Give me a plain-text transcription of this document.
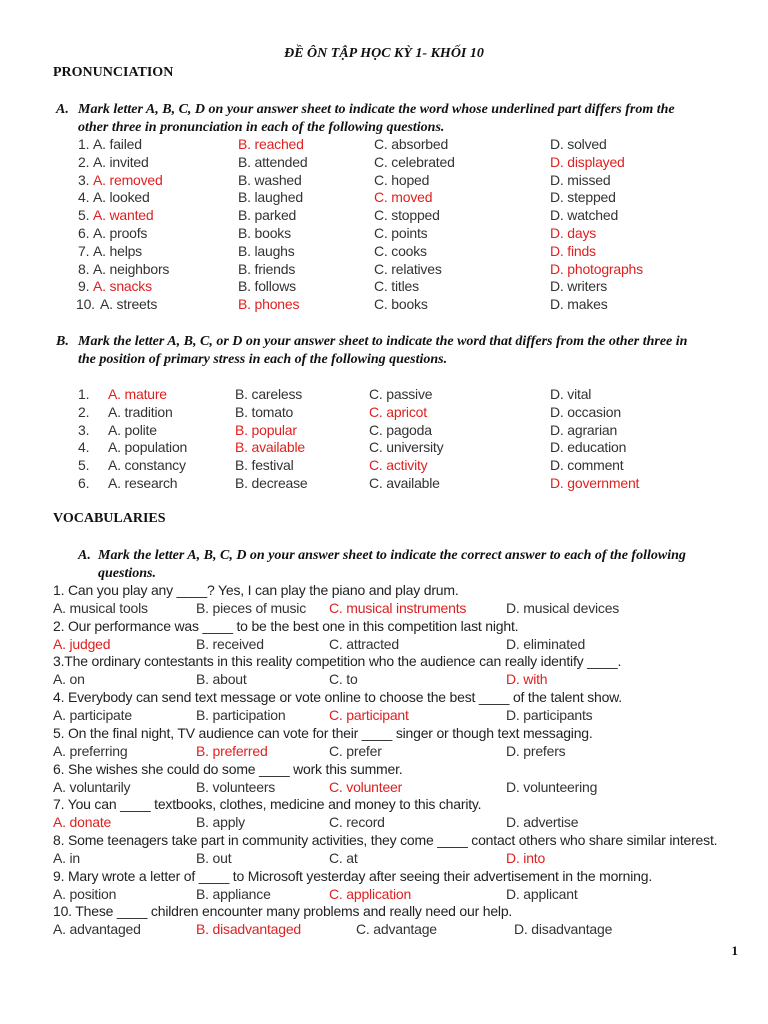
ĐỀ ÔN TẬP HỌC KỲ 1- KHỐI 10
PRONUNCIATION
A. Mark letter A, B, C, D on your answer sheet to indicate the word whose underlined part differs from the
other three in pronunciation in each of the following questions.
1. A. failed	B. reached	C. absorbed	D. solved
2. A. invited	B. attended	C. celebrated	D. displayed
3. A. removed	B. washed	C. hoped	D. missed
4. A. looked	B. laughed	C. moved	D. stepped
5. A. wanted	B. parked	C. stopped	D. watched
6. A. proofs	B. books	C. points	D. days
7. A. helps	B. laughs	C. cooks	D. finds
8. A. neighbors	B. friends	C. relatives	D. photographs
9. A. snacks	B. follows	C. titles	D. writers
10. A. streets	B. phones	C. books	D. makes
B. Mark the letter A, B, C, or D on your answer sheet to indicate the word that differs from the other three in
the position of primary stress in each of the following questions.
1. A. mature	B. careless	C. passive	D. vital
2. A. tradition	B. tomato	C. apricot	D. occasion
3. A. polite	B. popular	C. pagoda	D. agrarian
4. A. population	B. available	C. university	D. education
5. A. constancy	B. festival	C. activity	D. comment
6. A. research	B. decrease	C. available	D. government
VOCABULARIES
A. Mark the letter A, B, C, D on your answer sheet to indicate the correct answer to each of the following
questions.
1. Can you play any ____? Yes, I can play the piano and play drum.
A. musical tools	B. pieces of music C. musical instruments	D. musical devices
2. Our performance was ____ to be the best one in this competition last night.
A. judged	B. received	C. attracted	D. eliminated
3.The ordinary contestants in this reality competition who the audience can really identify ____.
A. on	B. about	C. to	D. with
4. Everybody can send text message or vote online to choose the best ____ of the talent show.
A. participate	B. participation	C. participant	D. participants
5. On the final night, TV audience can vote for their ____ singer or though text messaging.
A. preferring	B. preferred	C. prefer	D. prefers
6. She wishes she could do some ____ work this summer.
A. voluntarily	B. volunteers	C. volunteer	D. volunteering
7. You can ____ textbooks, clothes, medicine and money to this charity.
A. donate	B. apply	C. record	D. advertise
8. Some teenagers take part in community activities, they come ____ contact others who share similar interest.
A. in	B. out	C. at	D. into
9. Mary wrote a letter of ____ to Microsoft yesterday after seeing their advertisement in the morning.
A. position	B. appliance	C. application	D. applicant
10. These ____ children encounter many problems and really need our help.
A. advantaged	B. disadvantaged	C. advantage	D. disadvantage
1
